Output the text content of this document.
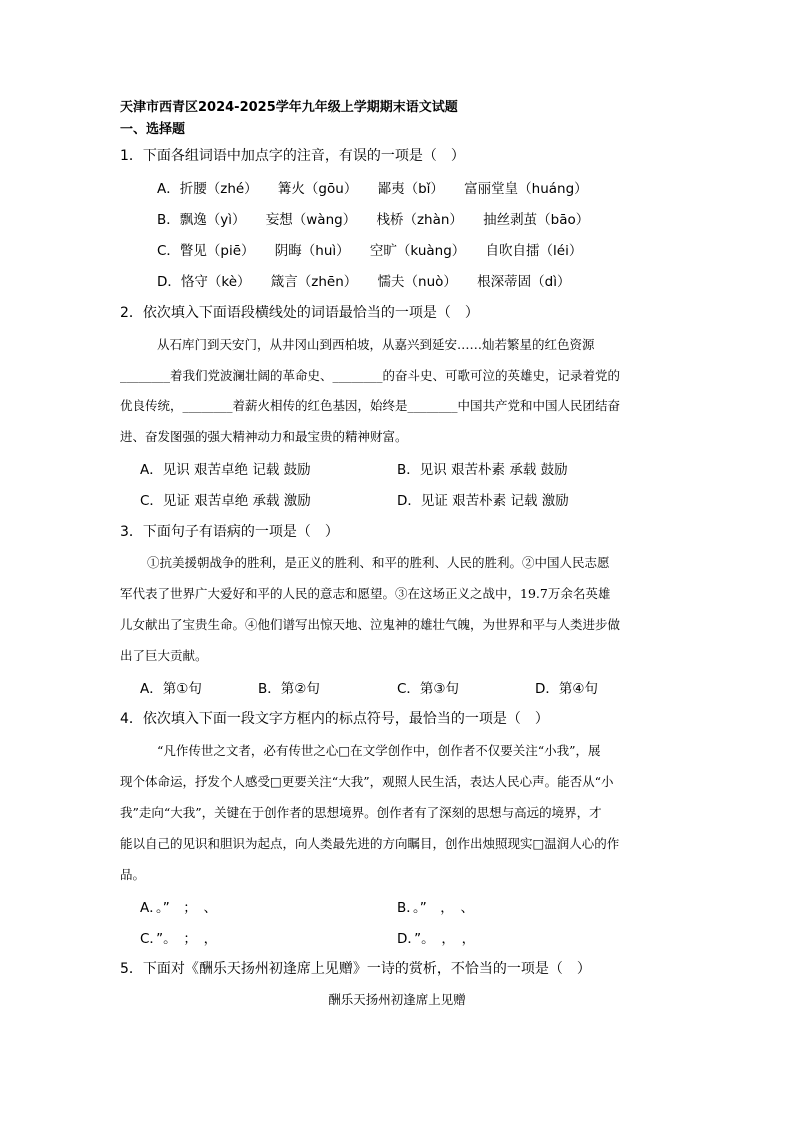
天津市西青区2024-2025学年九年级上学期期末语文试题
一、选择题
1．下面各组词语中加点字的注音，有误的一项是（　）
A．折腰（zhé）　　篝火（gōu）　　鄙夷（bǐ）　　富丽堂皇（huáng）
B．飘逸（yì）　　妄想（wàng）　　栈桥（zhàn）　　抽丝剥茧（bāo）
C．瞥见（piē）　　阴晦（huì）　　空旷（kuàng）　　自吹自擂（léi）
D．恪守（kè）　　箴言（zhēn）　　懦夫（nuò）　　根深蒂固（dì）
2．依次填入下面语段横线处的词语最恰当的一项是（　）
从石库门到天安门，从井冈山到西柏坡，从嘉兴到延安……灿若繁星的红色资源
________着我们党波澜壮阔的革命史、________的奋斗史、可歌可泣的英雄史，记录着党的
优良传统，________着薪火相传的红色基因，始终是________中国共产党和中国人民团结奋
进、奋发图强的强大精神动力和最宝贵的精神财富。
A．见识 艰苦卓绝 记载 鼓励	B．见识 艰苦朴素 承载 鼓励
C．见证 艰苦卓绝 承载 激励	D．见证 艰苦朴素 记载 激励
3．下面句子有语病的一项是（　）
①抗美援朝战争的胜利，是正义的胜利、和平的胜利、人民的胜利。②中国人民志愿
军代表了世界广大爱好和平的人民的意志和愿望。③在这场正义之战中，19.7万余名英雄
儿女献出了宝贵生命。④他们谱写出惊天地、泣鬼神的雄壮气魄，为世界和平与人类进步做
出了巨大贡献。
A．第①句	B．第②句	C．第③句	D．第④句
4．依次填入下面一段文字方框内的标点符号，最恰当的一项是（　）
“凡作传世之文者，必有传世之心□在文学创作中，创作者不仅要关注“小我”，展
现个体命运，抒发个人感受□更要关注“大我”，观照人民生活，表达人民心声。能否从“小
我”走向“大我”，关键在于创作者的思想境界。创作者有了深刻的思想与高远的境界，才
能以自己的见识和胆识为起点，向人类最先进的方向瞩目，创作出烛照现实□温润人心的作
品。
A．。”　；　、	B．。”　，　、
C．”。　；　，	D．”。　，　，
5．下面对《酬乐天扬州初逢席上见赠》一诗的赏析，不恰当的一项是（　）
酬乐天扬州初逢席上见赠
